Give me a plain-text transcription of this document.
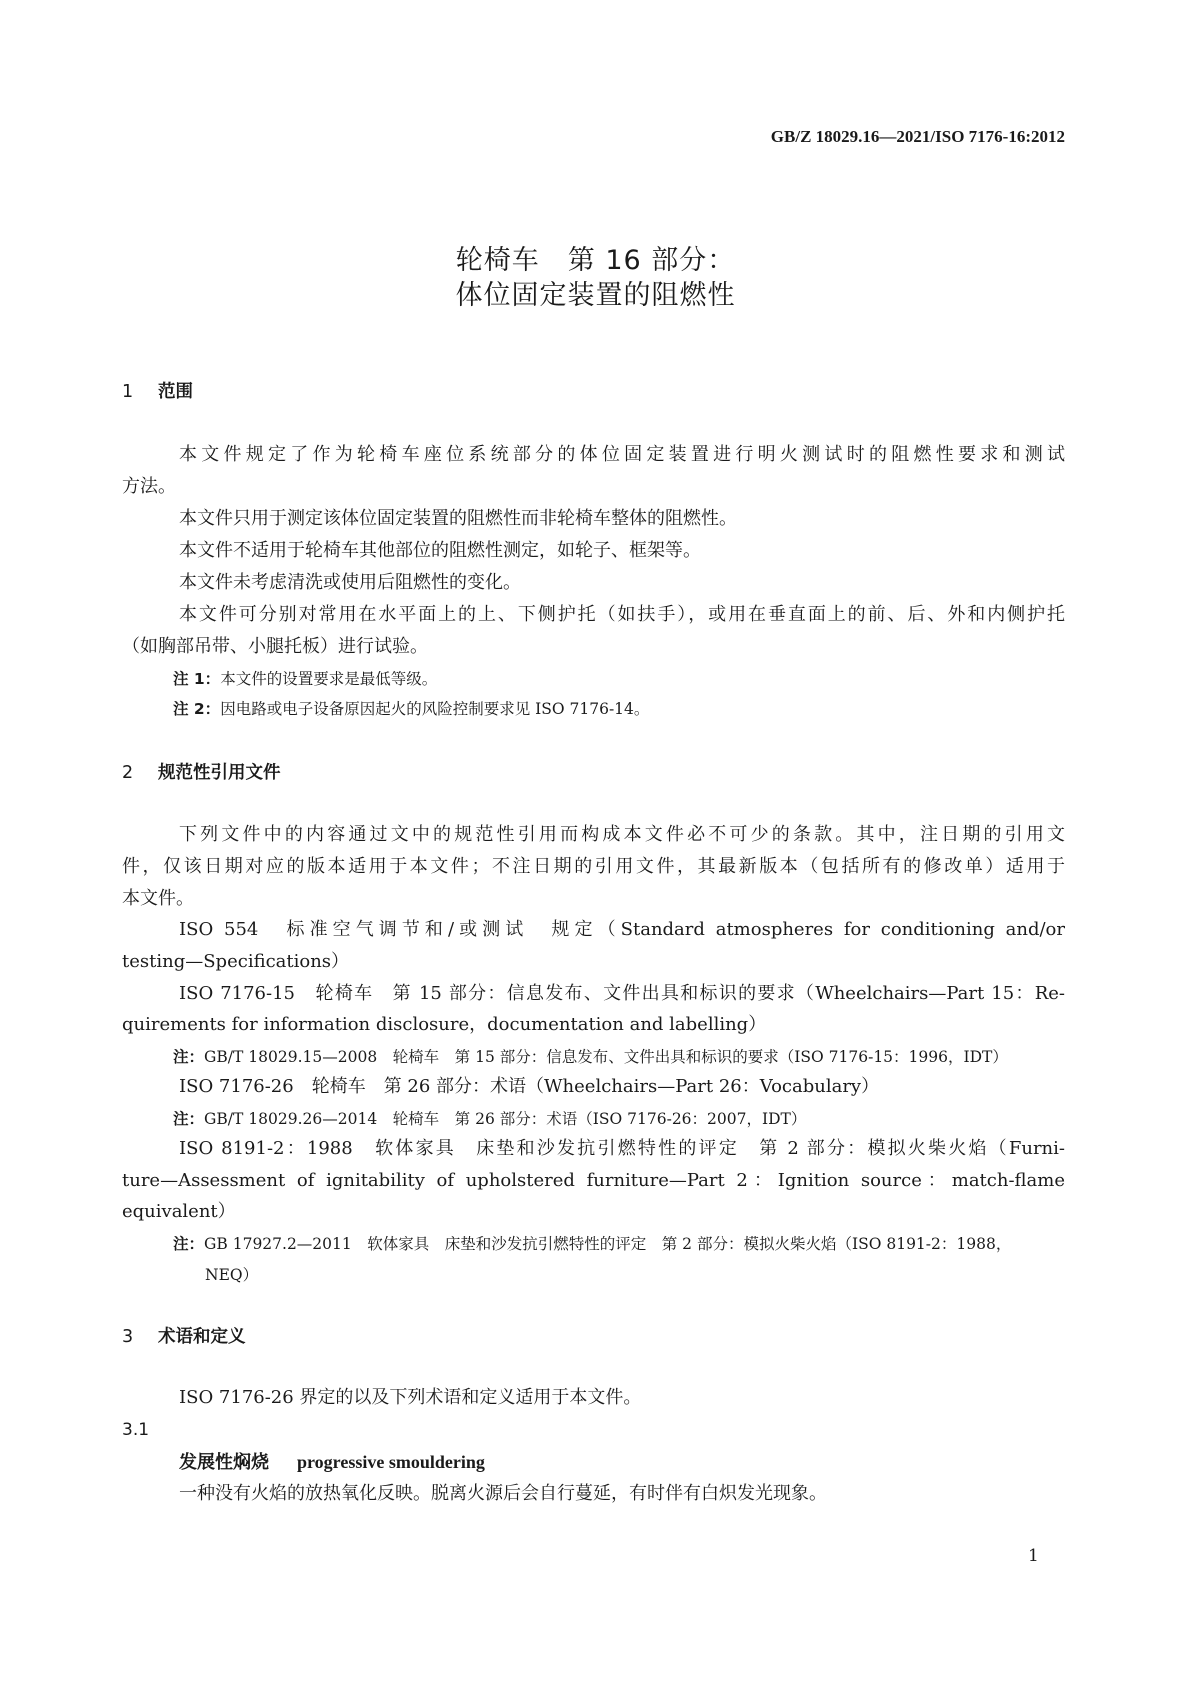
GB/Z 18029.16—2021/ISO 7176-16:2012
轮椅车　第 16 部分：
体位固定装置的阻燃性
1 范围
本文件规定了作为轮椅车座位系统部分的体位固定装置进行明火测试时的阻燃性要求和测试
方法。
本文件只用于测定该体位固定装置的阻燃性而非轮椅车整体的阻燃性。
本文件不适用于轮椅车其他部位的阻燃性测定，如轮子、框架等。
本文件未考虑清洗或使用后阻燃性的变化。
本文件可分别对常用在水平面上的上、下侧护托（如扶手），或用在垂直面上的前、后、外和内侧护托
（如胸部吊带、小腿托板）进行试验。
注 1：本文件的设置要求是最低等级。
注 2：因电路或电子设备原因起火的风险控制要求见 ISO 7176-14。
2 规范性引用文件
下列文件中的内容通过文中的规范性引用而构成本文件必不可少的条款。其中，注日期的引用文
件，仅该日期对应的版本适用于本文件；不注日期的引用文件，其最新版本（包括所有的修改单）适用于
本文件。
ISO 554　标准空气调节和/或测试　规定（Standard atmospheres for conditioning and/or
testing—Specifications）
ISO 7176-15　轮椅车　第 15 部分：信息发布、文件出具和标识的要求（Wheelchairs—Part 15：Re-
quirements for information disclosure，documentation and labelling）
注：GB/T 18029.15—2008　轮椅车　第 15 部分：信息发布、文件出具和标识的要求（ISO 7176-15：1996，IDT）
ISO 7176-26　轮椅车　第 26 部分：术语（Wheelchairs—Part 26：Vocabulary）
注：GB/T 18029.26—2014　轮椅车　第 26 部分：术语（ISO 7176-26：2007，IDT）
ISO 8191-2：1988　软体家具　床垫和沙发抗引燃特性的评定　第 2 部分：模拟火柴火焰（Furni-
ture—Assessment of ignitability of upholstered furniture—Part 2：Ignition source：match-flame
equivalent）
注：GB 17927.2—2011　软体家具　床垫和沙发抗引燃特性的评定　第 2 部分：模拟火柴火焰（ISO 8191-2：1988，
NEQ）
3 术语和定义
ISO 7176-26 界定的以及下列术语和定义适用于本文件。
3.1
发展性焖烧 progressive smouldering
一种没有火焰的放热氧化反映。脱离火源后会自行蔓延，有时伴有白炽发光现象。
1
